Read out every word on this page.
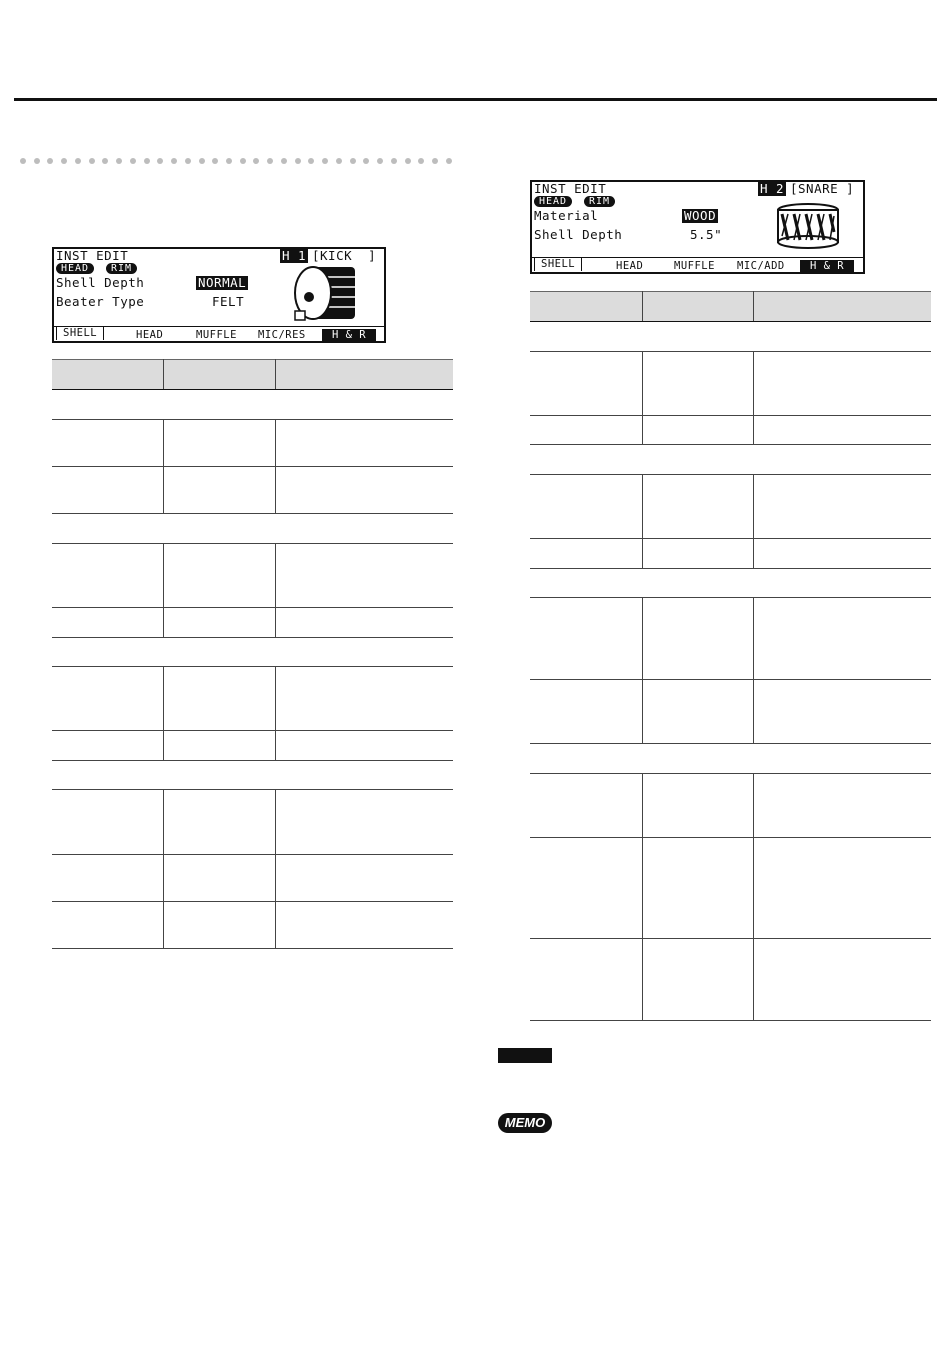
INST EDIT	H 1 [KICK  ]
HEAD	RIM
Shell Depth	NORMAL
Beater Type	FELT
SHELL	HEAD	MUFFLE MIC/RES	H & R
INST EDIT	H 2 [SNARE ]
HEAD	RIM
Material	WOOD
Shell Depth	5.5"
SHELL	HEAD	MUFFLE MIC/ADD	H & R

MEMO
